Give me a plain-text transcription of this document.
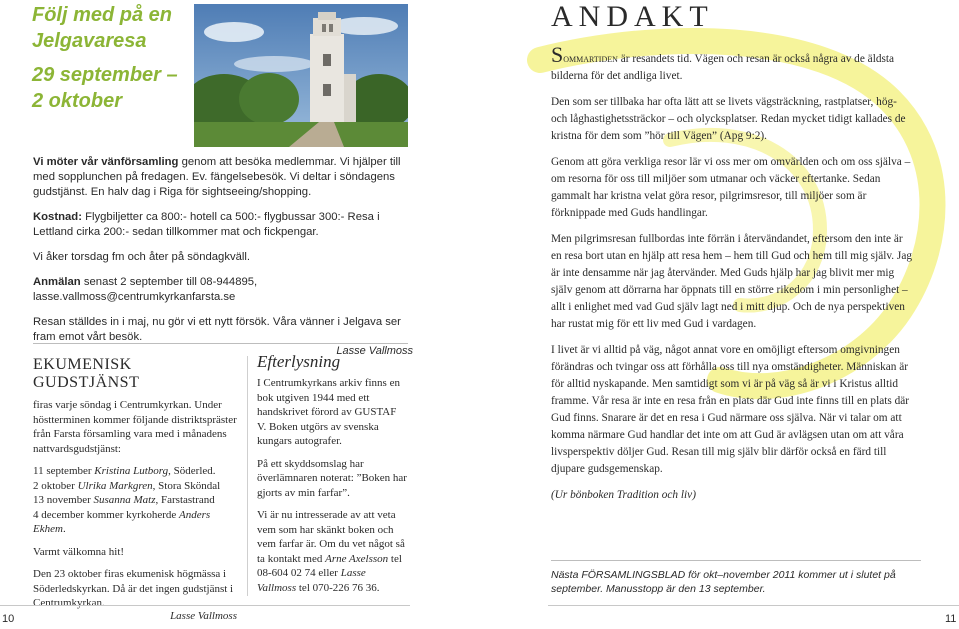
Följ med på en
Jelgavaresa
29 september –
2 oktober

Vi möter vår vänförsamling genom att besöka medlemmar. Vi hjälper till med sopplunchen på fredagen. Ev. fängelsebesök. Vi deltar i söndagens gudstjänst. En halv dag i Riga för sightseeing/shopping.

Kostnad: Flygbiljetter ca 800:- hotell ca 500:- flygbussar 300:- Resa i Lettland cirka 200:- sedan tillkommer mat och fickpengar.

Vi åker torsdag fm och åter på söndagkväll.

Anmälan senast 2 september till 08-944895, lasse.vallmoss@centrumkyrkanfarsta.se

Resan ställdes in i maj, nu gör vi ett nytt försök. Våra vänner i Jelgava ser fram emot vårt besök.

Lasse Vallmoss
EKUMENISK GUDSTJÄNST

firas varje söndag i Centrumkyrkan. Under höstterminen kommer följande distriktspräster från Farsta församling vara med i månadens nattvardsgudstjänst:

11 september Kristina Lutborg, Söderled.

2 oktober Ulrika Markgren, Stora Sköndal

13 november Susanna Matz, Farstastrand

4 december kommer kyrkoherde Anders Ekhem.

Varmt välkomna hit!

Den 23 oktober firas ekumenisk högmässa i Söderledskyrkan. Då är det ingen gudstjänst i Centrumkyrkan.

Lasse Vallmoss
Efterlysning

I Centrumkyrkans arkiv finns en bok utgiven 1944 med ett handskrivet förord av GUSTAF V. Boken utgörs av svenska kungars autografer.

På ett skyddsomslag har överlämnaren noterat: ”Boken har gjorts av min farfar”.

Vi är nu intresserade av att veta vem som har skänkt boken och vem farfar är. Om du vet något så ta kontakt med Arne Axelsson tel 08-604 02 74 eller Lasse Vallmoss tel 070-226 76 36.

10
ANDAKT

Sommartiden är resandets tid. Vägen och resan är också några av de äldsta bilderna för det andliga livet.

Den som ser tillbaka har ofta lätt att se livets vägsträckning, rastplatser, hög- och låghastighetssträckor – och olycksplatser. Redan mycket tidigt kallades de kristna för dem som ”hör till Vägen” (Apg 9:2).

Genom att göra verkliga resor lär vi oss mer om omvärlden och om oss själva – om resorna för oss till miljöer som utmanar och väcker eftertanke. Sedan gammalt har kristna velat göra resor, pilgrimsresor, till miljöer som är förknippade med Guds handlingar.

Men pilgrimsresan fullbordas inte förrän i återvändandet, eftersom den inte är en resa bort utan en hjälp att resa hem – hem till Gud och hem till mig själv. Jag är inte densamme när jag återvänder. Med Guds hjälp har jag blivit mer mig själv genom att dörrarna har öppnats till en större rikedom i min personlighet – allt i enlighet med vad Gud själv lagt ned i mitt djup. Och de nya perspektiven har rustat mig för ett liv med Gud i vardagen.

I livet är vi alltid på väg, något annat vore en omöjligt eftersom omgivningen förändras och tvingar oss att förhålla oss till nya omständigheter. Människan är för alltid nyskapande. Men samtidigt som vi är på väg så är vi i Kristus alltid framme. Vår resa är inte en resa från en plats där Gud inte finns till en plats där Gud finns. Snarare är det en resa i Gud närmare oss själva. När vi talar om att komma närmare Gud handlar det inte om att Gud är avlägsen utan om att våra livsperspektiv döljer Gud. Resan till mig själv blir därför också en färd till djupare gudsgemenskap.

(Ur bönboken Tradition och liv)

Nästa FÖRSAMLINGSBLAD för okt–november 2011 kommer ut i slutet på september. Manusstopp är den 13 september.
11
